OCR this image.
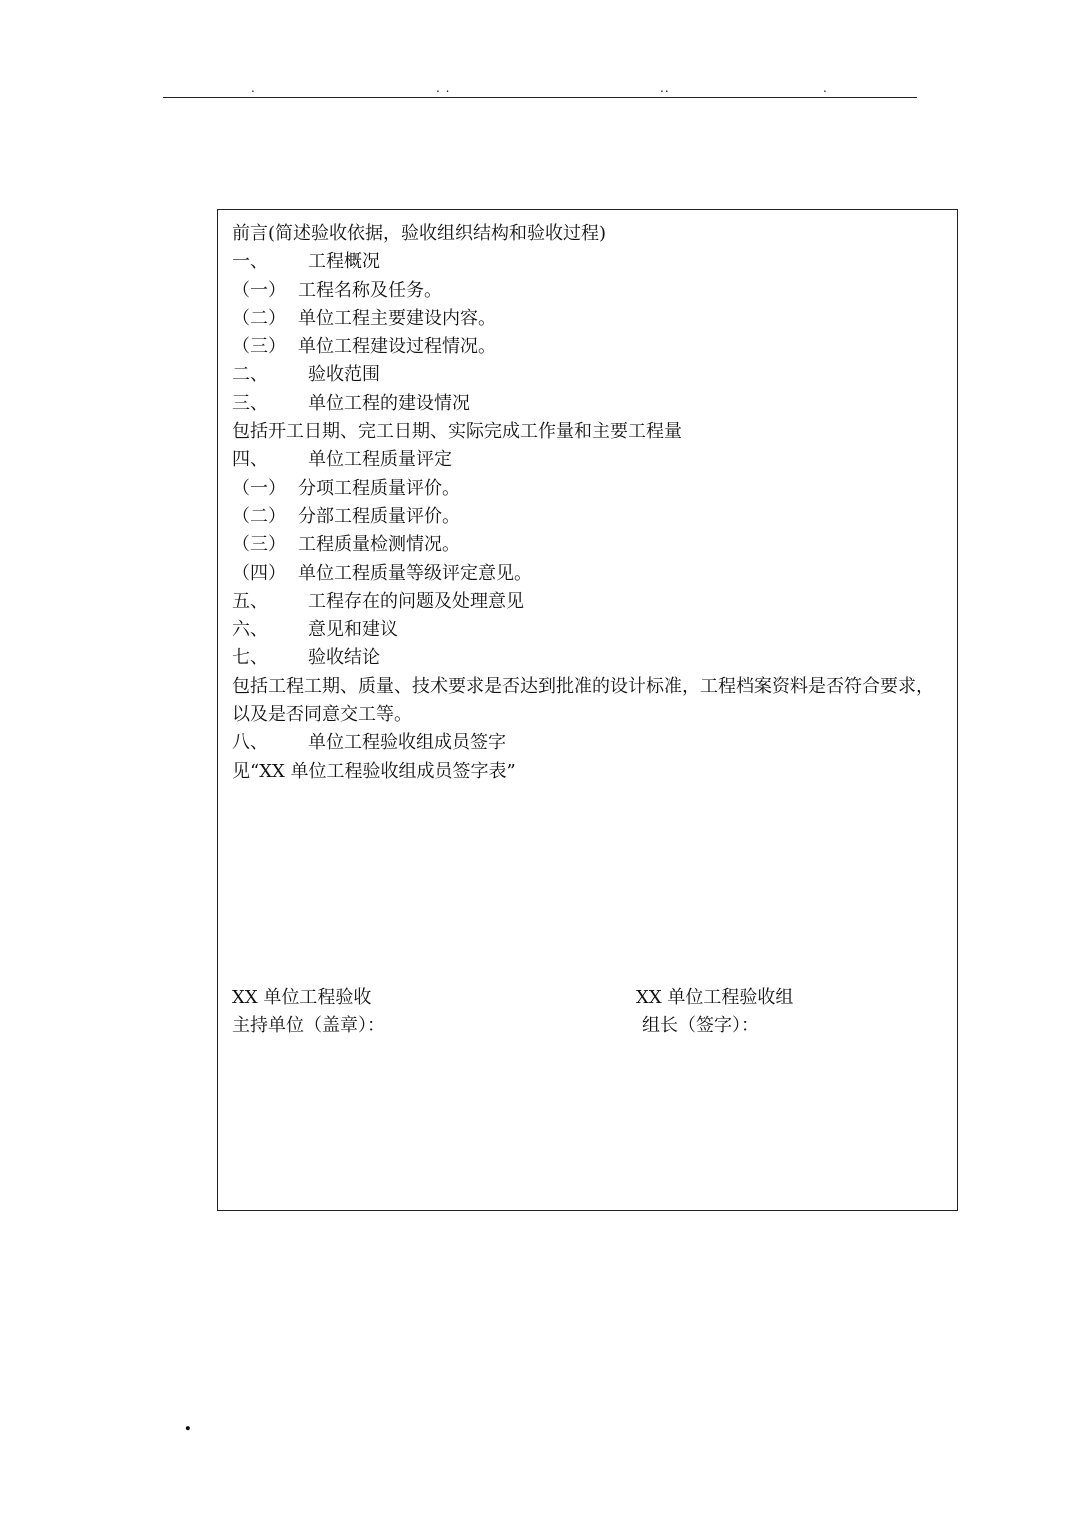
.	. .	..	.
前言(简述验收依据，验收组织结构和验收过程)
一、 工程概况
（一） 工程名称及任务。
（二） 单位工程主要建设内容。
（三） 单位工程建设过程情况。
二、 验收范围
三、 单位工程的建设情况
包括开工日期、完工日期、实际完成工作量和主要工程量
四、 单位工程质量评定
（一） 分项工程质量评价。
（二） 分部工程质量评价。
（三） 工程质量检测情况。
（四） 单位工程质量等级评定意见。
五、 工程存在的问题及处理意见
六、 意见和建议
七、 验收结论
包括工程工期、质量、技术要求是否达到批准的设计标准，工程档案资料是否符合要求，以及是否同意交工等。
八、 单位工程验收组成员签字
见“XX 单位工程验收组成员签字表”
XX 单位工程验收
主持单位（盖章）：
XX 单位工程验收组
组长（签字）：
.
